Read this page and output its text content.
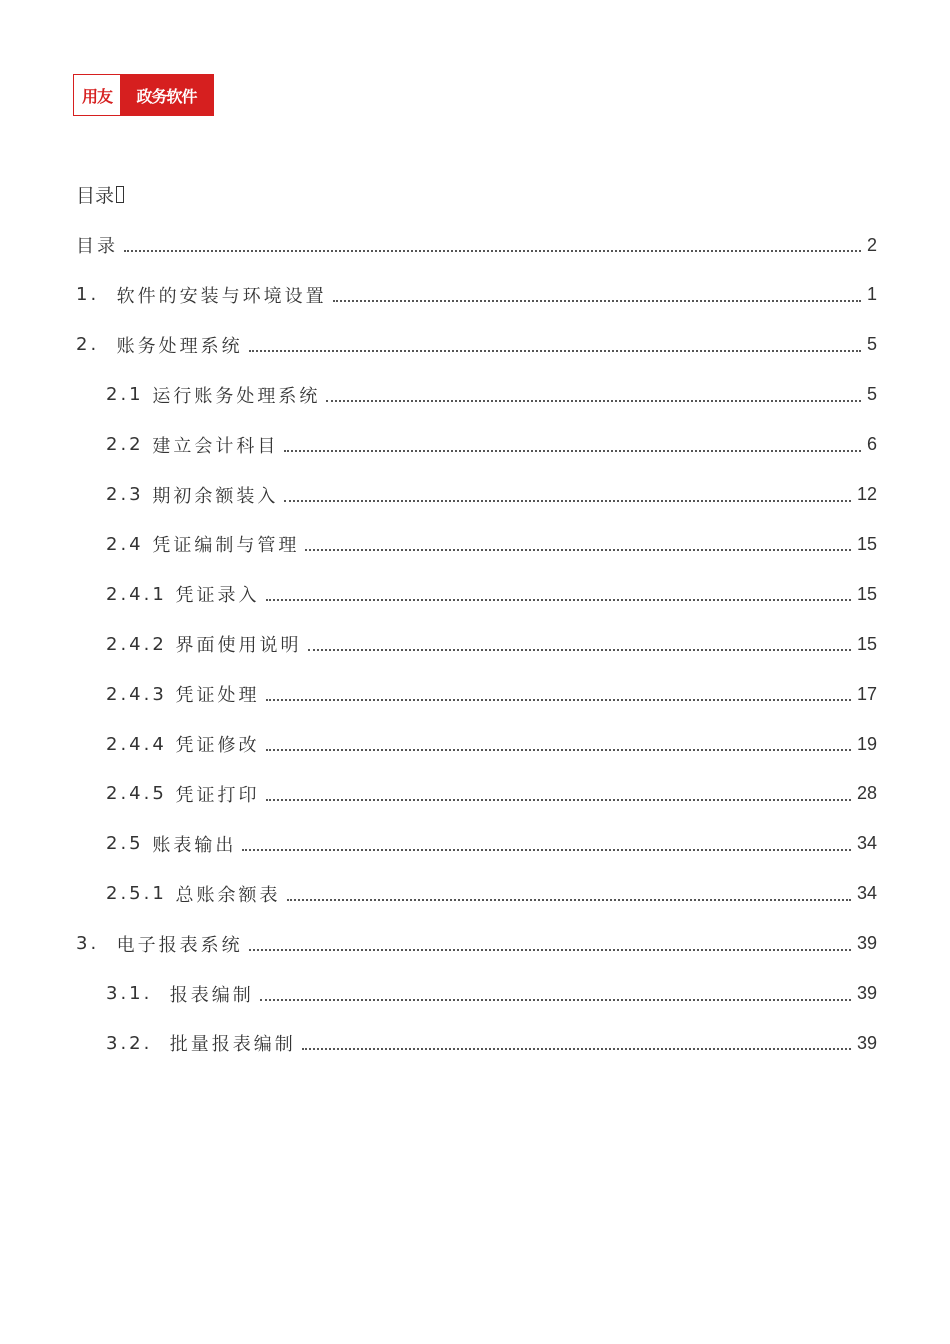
用友	政务软件
目录
目录	2
1. 软件的安装与环境设置	1
2. 账务处理系统	5
2.1 运行账务处理系统	5
2.2 建立会计科目	6
2.3 期初余额装入	12
2.4 凭证编制与管理	15
2.4.1 凭证录入	15
2.4.2 界面使用说明	15
2.4.3 凭证处理	17
2.4.4 凭证修改	19
2.4.5 凭证打印	28
2.5 账表输出	34
2.5.1 总账余额表	34
3. 电子报表系统	39
3.1. 报表编制	39
3.2. 批量报表编制	39
